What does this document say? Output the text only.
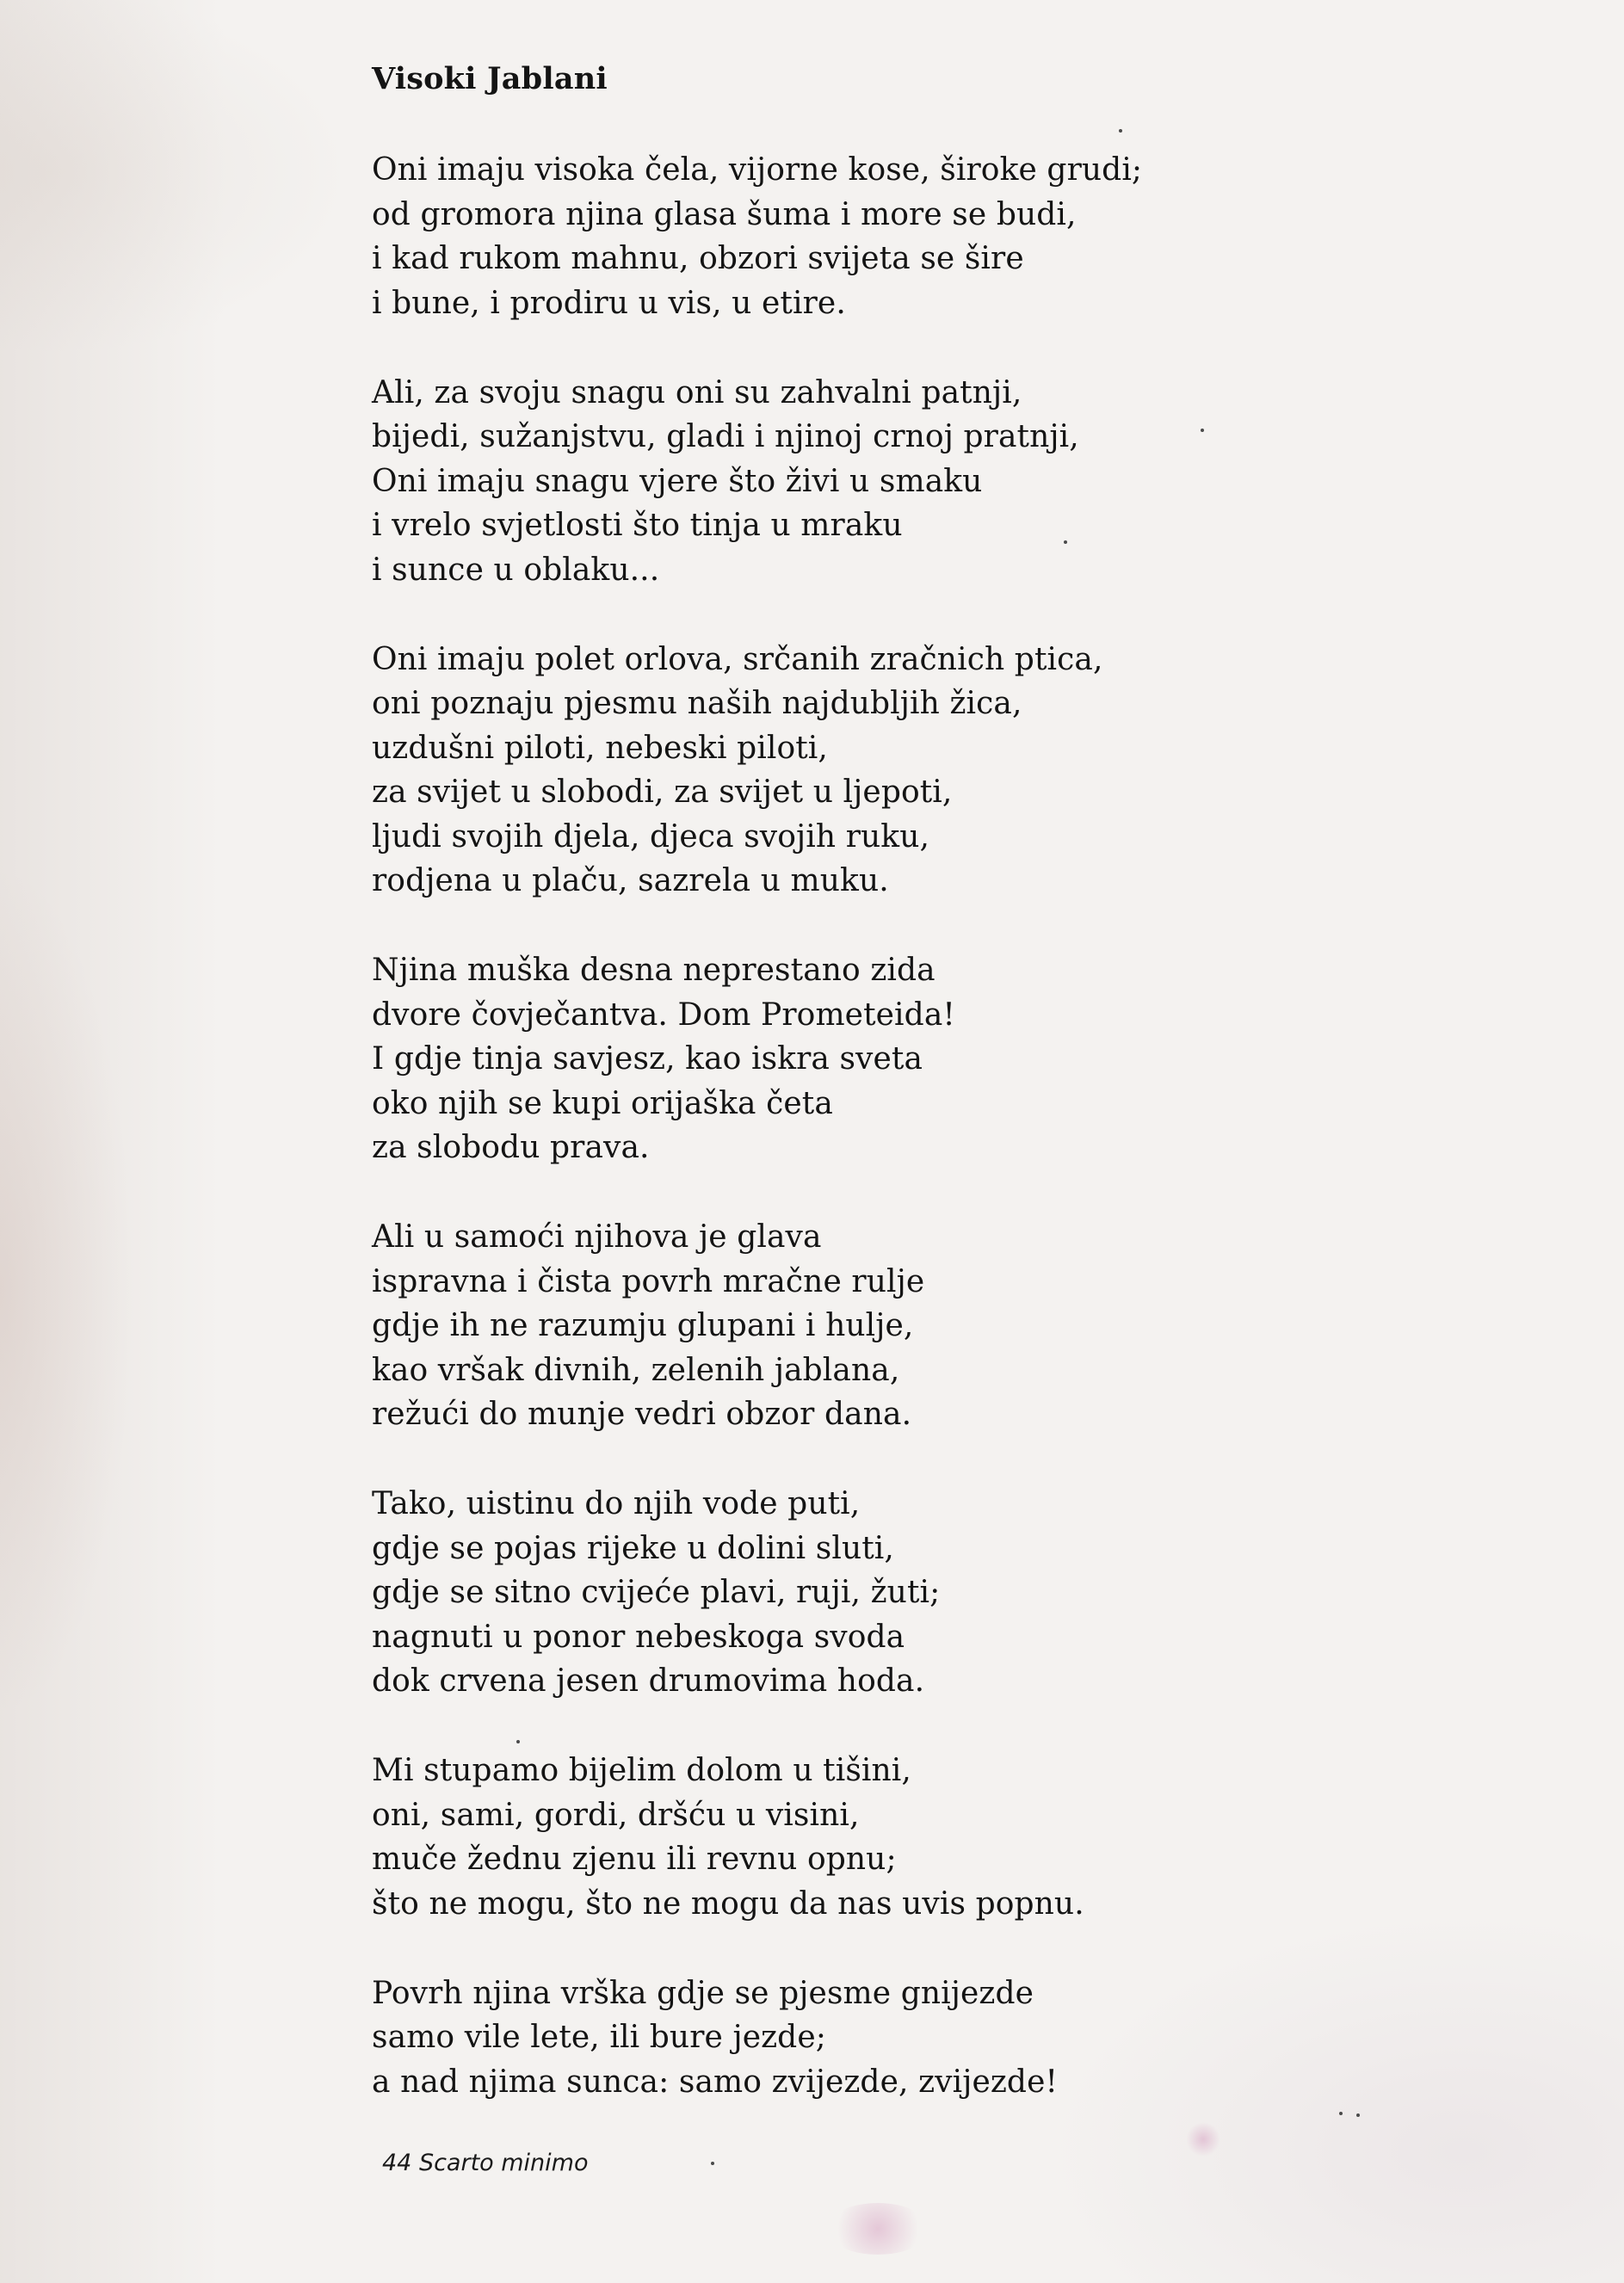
Visoki Jablani
Oni imaju visoka čela, vijorne kose, široke grudi;
od gromora njina glasa šuma i more se budi,
i kad rukom mahnu, obzori svijeta se šire
i bune, i prodiru u vis, u etire.
Ali, za svoju snagu oni su zahvalni patnji,
bijedi, sužanjstvu, gladi i njinoj crnoj pratnji,
Oni imaju snagu vjere što živi u smaku
i vrelo svjetlosti što tinja u mraku
i sunce u oblaku...
Oni imaju polet orlova, srčanih zračnich ptica,
oni poznaju pjesmu naših najdubljih žica,
uzdušni piloti, nebeski piloti,
za svijet u slobodi, za svijet u ljepoti,
ljudi svojih djela, djeca svojih ruku,
rodjena u plaču, sazrela u muku.
Njina muška desna neprestano zida
dvore čovječantva. Dom Prometeida!
I gdje tinja savjesz, kao iskra sveta
oko njih se kupi orijaška četa
za slobodu prava.
Ali u samoći njihova je glava
ispravna i čista povrh mračne rulje
gdje ih ne razumju glupani i hulje,
kao vršak divnih, zelenih jablana,
režući do munje vedri obzor dana.
Tako, uistinu do njih vode puti,
gdje se pojas rijeke u dolini sluti,
gdje se sitno cvijeće plavi, ruji, žuti;
nagnuti u ponor nebeskoga svoda
dok crvena jesen drumovima hoda.
Mi stupamo bijelim dolom u tišini,
oni, sami, gordi, dršću u visini,
muče žednu zjenu ili revnu opnu;
što ne mogu, što ne mogu da nas uvis popnu.
Povrh njina vrška gdje se pjesme gnijezde
samo vile lete, ili bure jezde;
a nad njima sunca: samo zvijezde, zvijezde!
44 Scarto minimo
